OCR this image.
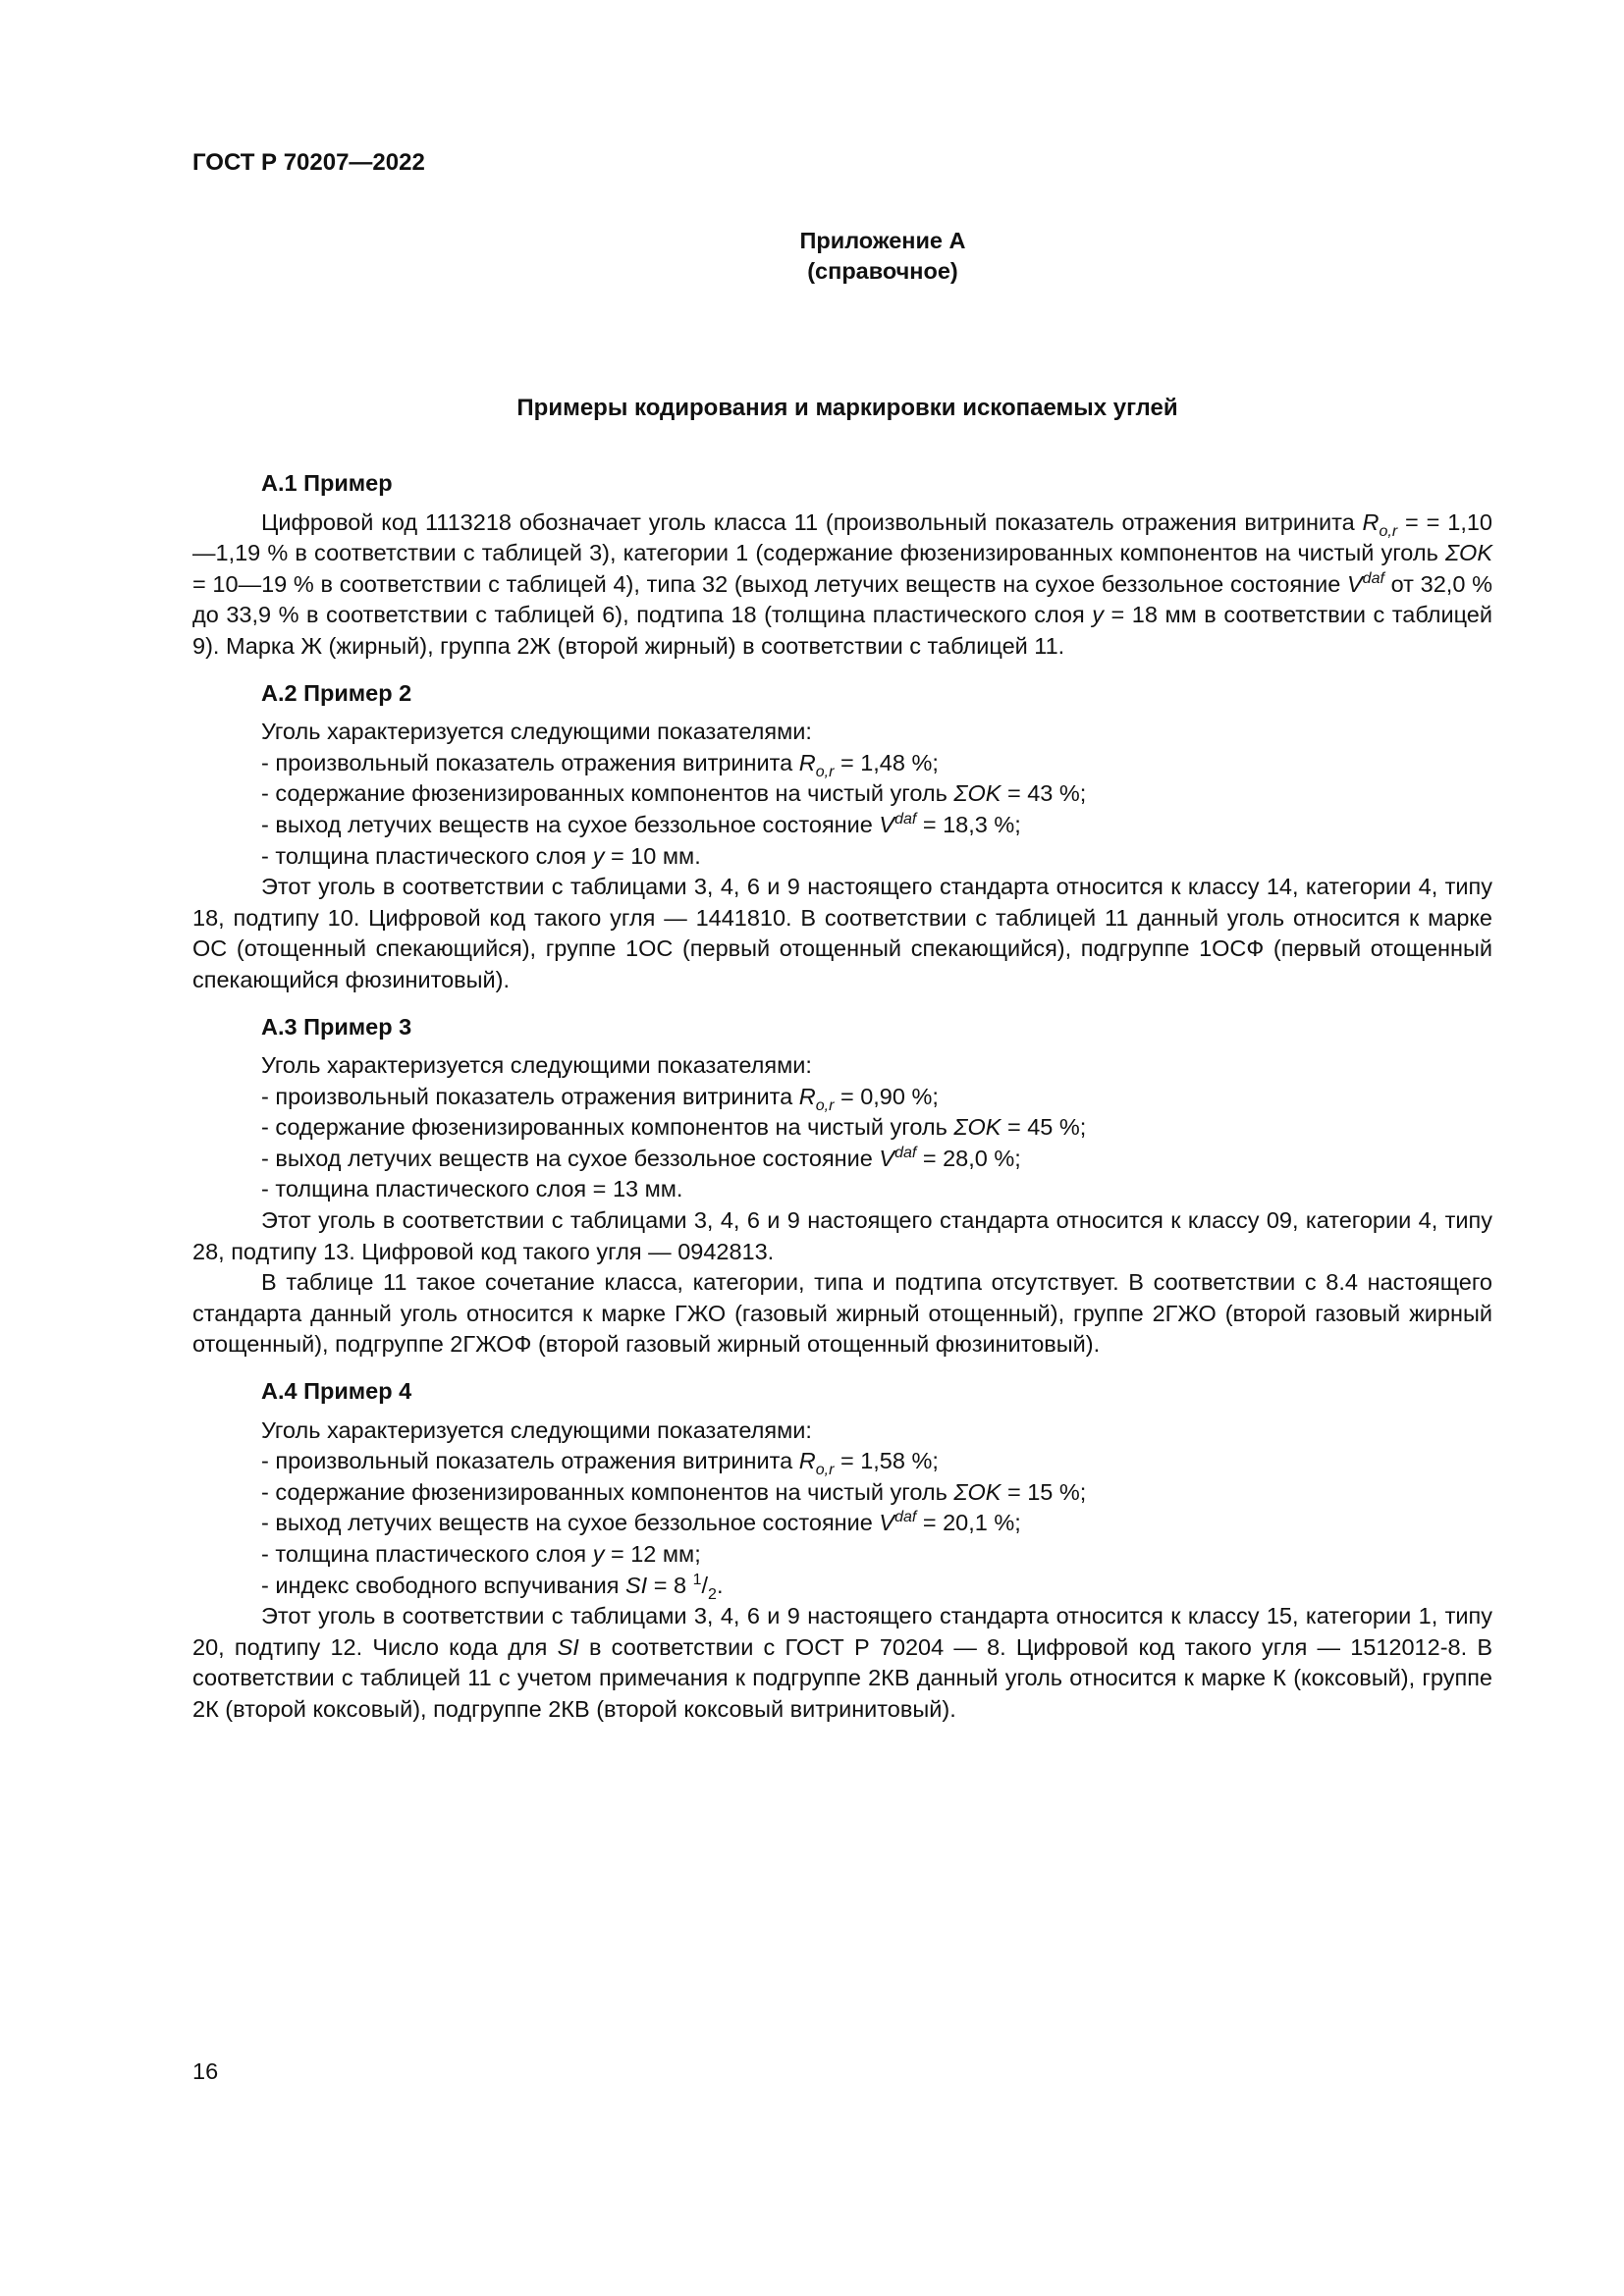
ГОСТ Р 70207—2022
Приложение А
(справочное)
Примеры кодирования и маркировки ископаемых углей
А.1 Пример
Цифровой код 1113218 обозначает уголь класса 11 (произвольный показатель отражения витринита $R_{o,r}$ = = 1,10—1,19 % в соответствии с таблицей 3), категории 1 (содержание фюзенизированных компонентов на чистый уголь ΣOK = 10—19 % в соответствии с таблицей 4), типа 32 (выход летучих веществ на сухое беззольное состояние $V^{daf}$ от 32,0 % до 33,9 % в соответствии с таблицей 6), подтипа 18 (толщина пластического слоя y = 18 мм в соответствии с таблицей 9). Марка Ж (жирный), группа 2Ж (второй жирный) в соответствии с таблицей 11.
А.2 Пример 2
Уголь характеризуется следующими показателями:
- произвольный показатель отражения витринита $R_{o,r} = 1,48$ %;
- содержание фюзенизированных компонентов на чистый уголь ΣOK = 43 %;
- выход летучих веществ на сухое беззольное состояние $V^{daf} = 18,3$ %;
- толщина пластического слоя y = 10 мм.
Этот уголь в соответствии с таблицами 3, 4, 6 и 9 настоящего стандарта относится к классу 14, категории 4, типу 18, подтипу 10. Цифровой код такого угля — 1441810. В соответствии с таблицей 11 данный уголь относится к марке ОС (отощенный спекающийся), группе 1ОС (первый отощенный спекающийся), подгруппе 1ОСФ (первый отощенный спекающийся фюзинитовый).
А.3 Пример 3
Уголь характеризуется следующими показателями:
- произвольный показатель отражения витринита $R_{o,r} = 0,90$ %;
- содержание фюзенизированных компонентов на чистый уголь ΣOK = 45 %;
- выход летучих веществ на сухое беззольное состояние $V^{daf} = 28,0$ %;
- толщина пластического слоя = 13 мм.
Этот уголь в соответствии с таблицами 3, 4, 6 и 9 настоящего стандарта относится к классу 09, категории 4, типу 28, подтипу 13. Цифровой код такого угля — 0942813.
В таблице 11 такое сочетание класса, категории, типа и подтипа отсутствует. В соответствии с 8.4 настоящего стандарта данный уголь относится к марке ГЖО (газовый жирный отощенный), группе 2ГЖО (второй газовый жирный отощенный), подгруппе 2ГЖОФ (второй газовый жирный отощенный фюзинитовый).
А.4 Пример 4
Уголь характеризуется следующими показателями:
- произвольный показатель отражения витринита $R_{o,r} = 1,58$ %;
- содержание фюзенизированных компонентов на чистый уголь ΣOK = 15 %;
- выход летучих веществ на сухое беззольное состояние $V^{daf} = 20,1$ %;
- толщина пластического слоя y = 12 мм;
- индекс свободного вспучивания SI = 8 $^1/_2$.
Этот уголь в соответствии с таблицами 3, 4, 6 и 9 настоящего стандарта относится к классу 15, категории 1, типу 20, подтипу 12. Число кода для SI в соответствии с ГОСТ Р 70204 — 8. Цифровой код такого угля — 1512012-8. В соответствии с таблицей 11 с учетом примечания к подгруппе 2КВ данный уголь относится к марке К (коксовый), группе 2К (второй коксовый), подгруппе 2КВ (второй коксовый витринитовый).
16
